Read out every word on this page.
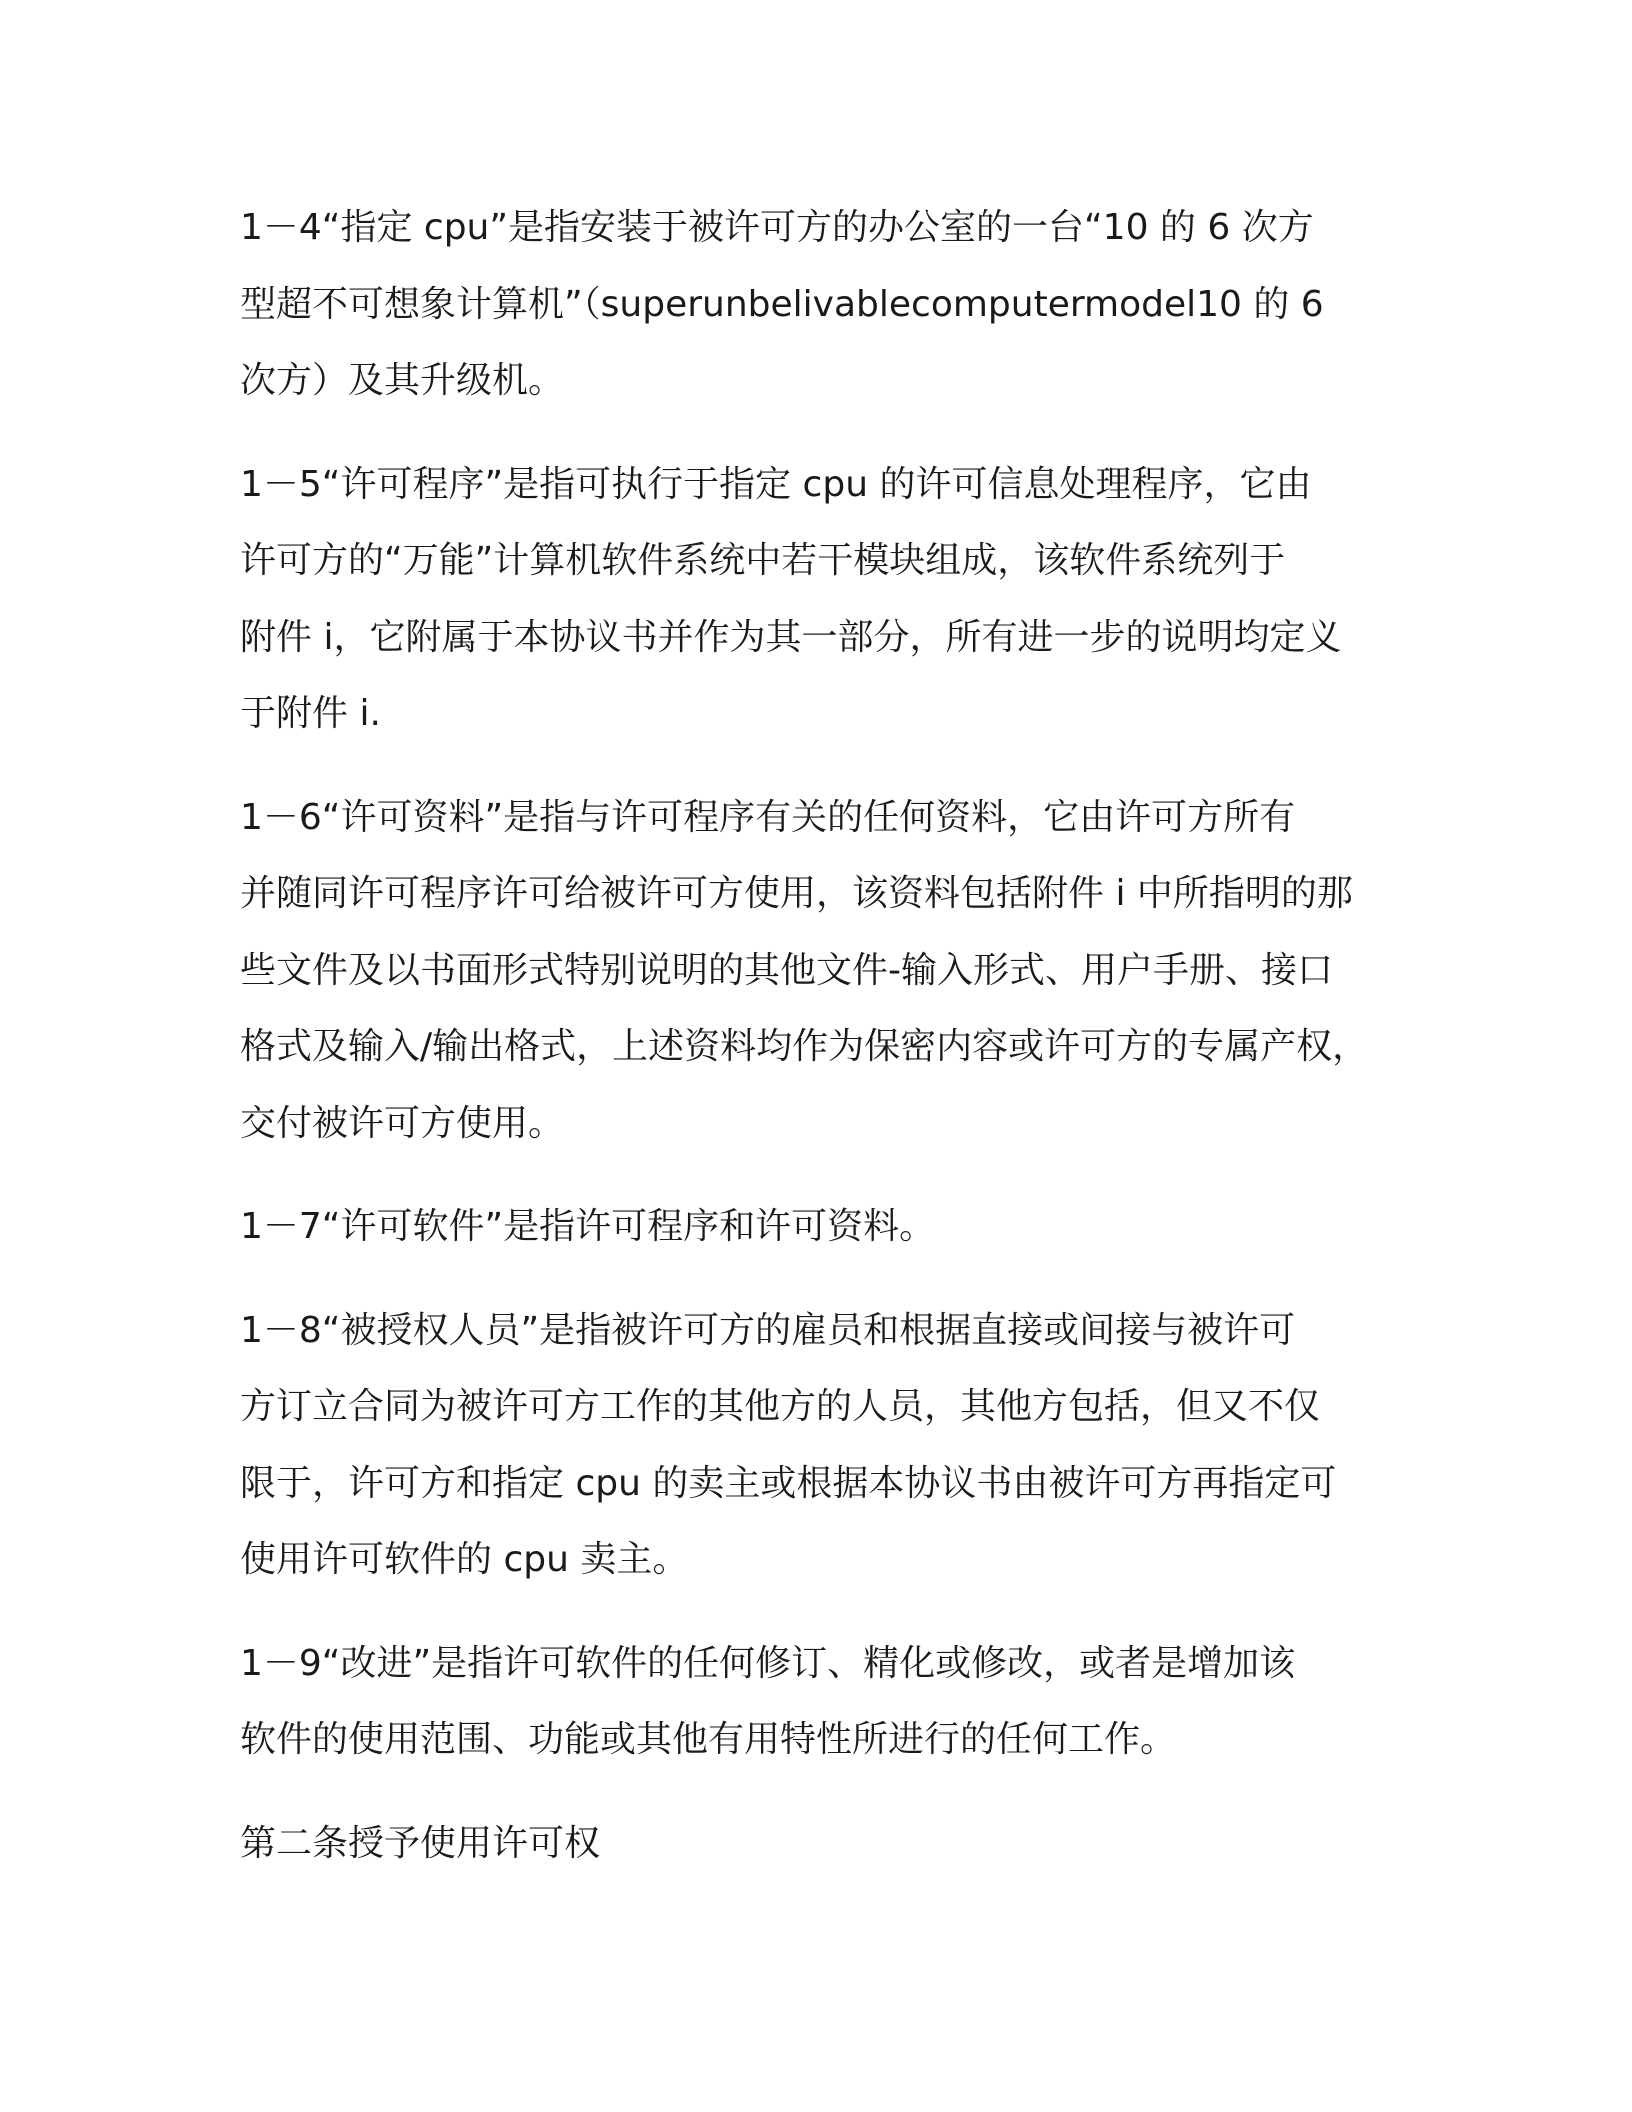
1－4“指定 cpu”是指安装于被许可方的办公室的一台“10 的 6 次方
型超不可想象计算机”（superunbelivablecomputermodel10 的 6
次方）及其升级机。

1－5“许可程序”是指可执行于指定 cpu 的许可信息处理程序，它由
许可方的“万能”计算机软件系统中若干模块组成，该软件系统列于
附件 i，它附属于本协议书并作为其一部分，所有进一步的说明均定义
于附件 i.

1－6“许可资料”是指与许可程序有关的任何资料，它由许可方所有
并随同许可程序许可给被许可方使用，该资料包括附件 i 中所指明的那
些文件及以书面形式特别说明的其他文件-输入形式、用户手册、接口
格式及输入/输出格式，上述资料均作为保密内容或许可方的专属产权，
交付被许可方使用。

1－7“许可软件”是指许可程序和许可资料。

1－8“被授权人员”是指被许可方的雇员和根据直接或间接与被许可
方订立合同为被许可方工作的其他方的人员，其他方包括，但又不仅
限于，许可方和指定 cpu 的卖主或根据本协议书由被许可方再指定可
使用许可软件的 cpu 卖主。

1－9“改进”是指许可软件的任何修订、精化或修改，或者是增加该
软件的使用范围、功能或其他有用特性所进行的任何工作。

第二条授予使用许可权
